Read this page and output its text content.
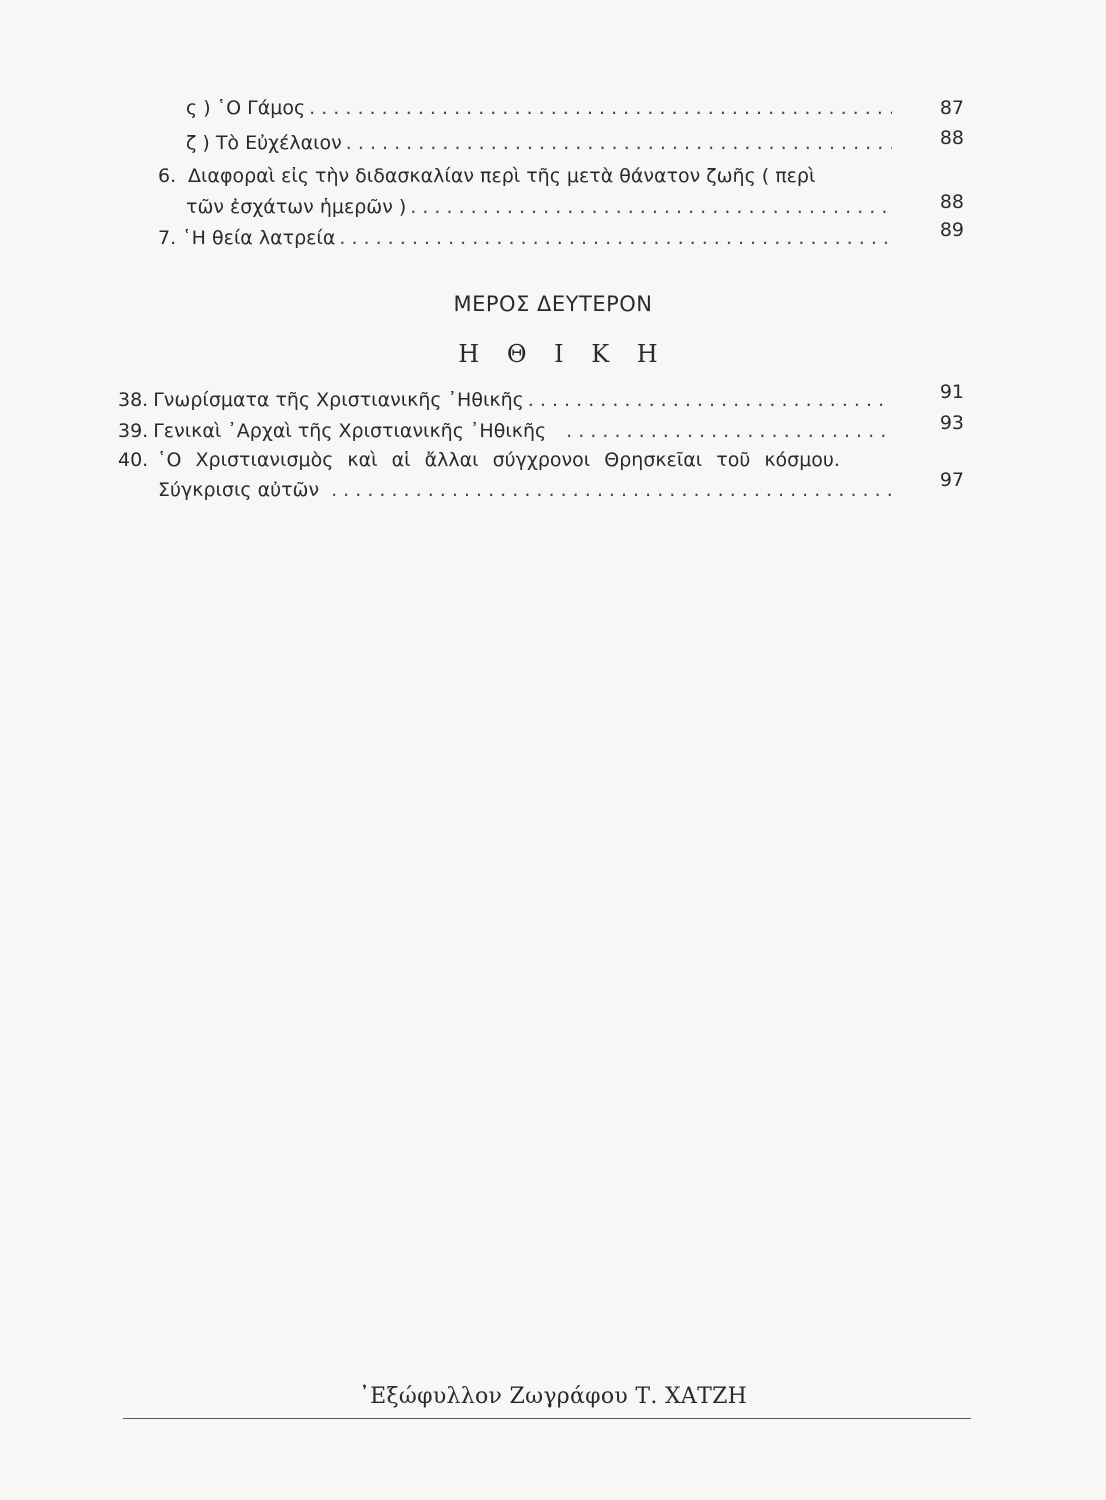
ς ) ῾Ο Γάμος . . .	87
ζ ) Τὸ Εὐχέλαιον . . .	88
6. Διαφοραὶ εἰς τὴν διδασκαλίαν περὶ τῆς μετὰ θάνατον ζωῆς ( περὶ
τῶν ἐσχάτων ἡμερῶν ) . . .	88
7. ῾Η θεία λατρεία . . .	89
ΜΕΡΟΣ ΔΕΥΤΕΡΟΝ
Η Θ Ι Κ Η
38. Γνωρίσματα τῆς Χριστιανικῆς ᾿Ηθικῆς . . .	91
39. Γενικαὶ ᾿Αρχαὶ τῆς Χριστιανικῆς ᾿Ηθικῆς . . .	93
40. ῾Ο Χριστιανισμὸς καὶ αἱ ἄλλαι σύγχρονοι Θρησκεῖαι τοῦ κόσμου.
Σύγκρισις αὐτῶν . . .	97
᾿Εξώφυλλον Ζωγράφου Τ. ΧΑΤΖΗ
